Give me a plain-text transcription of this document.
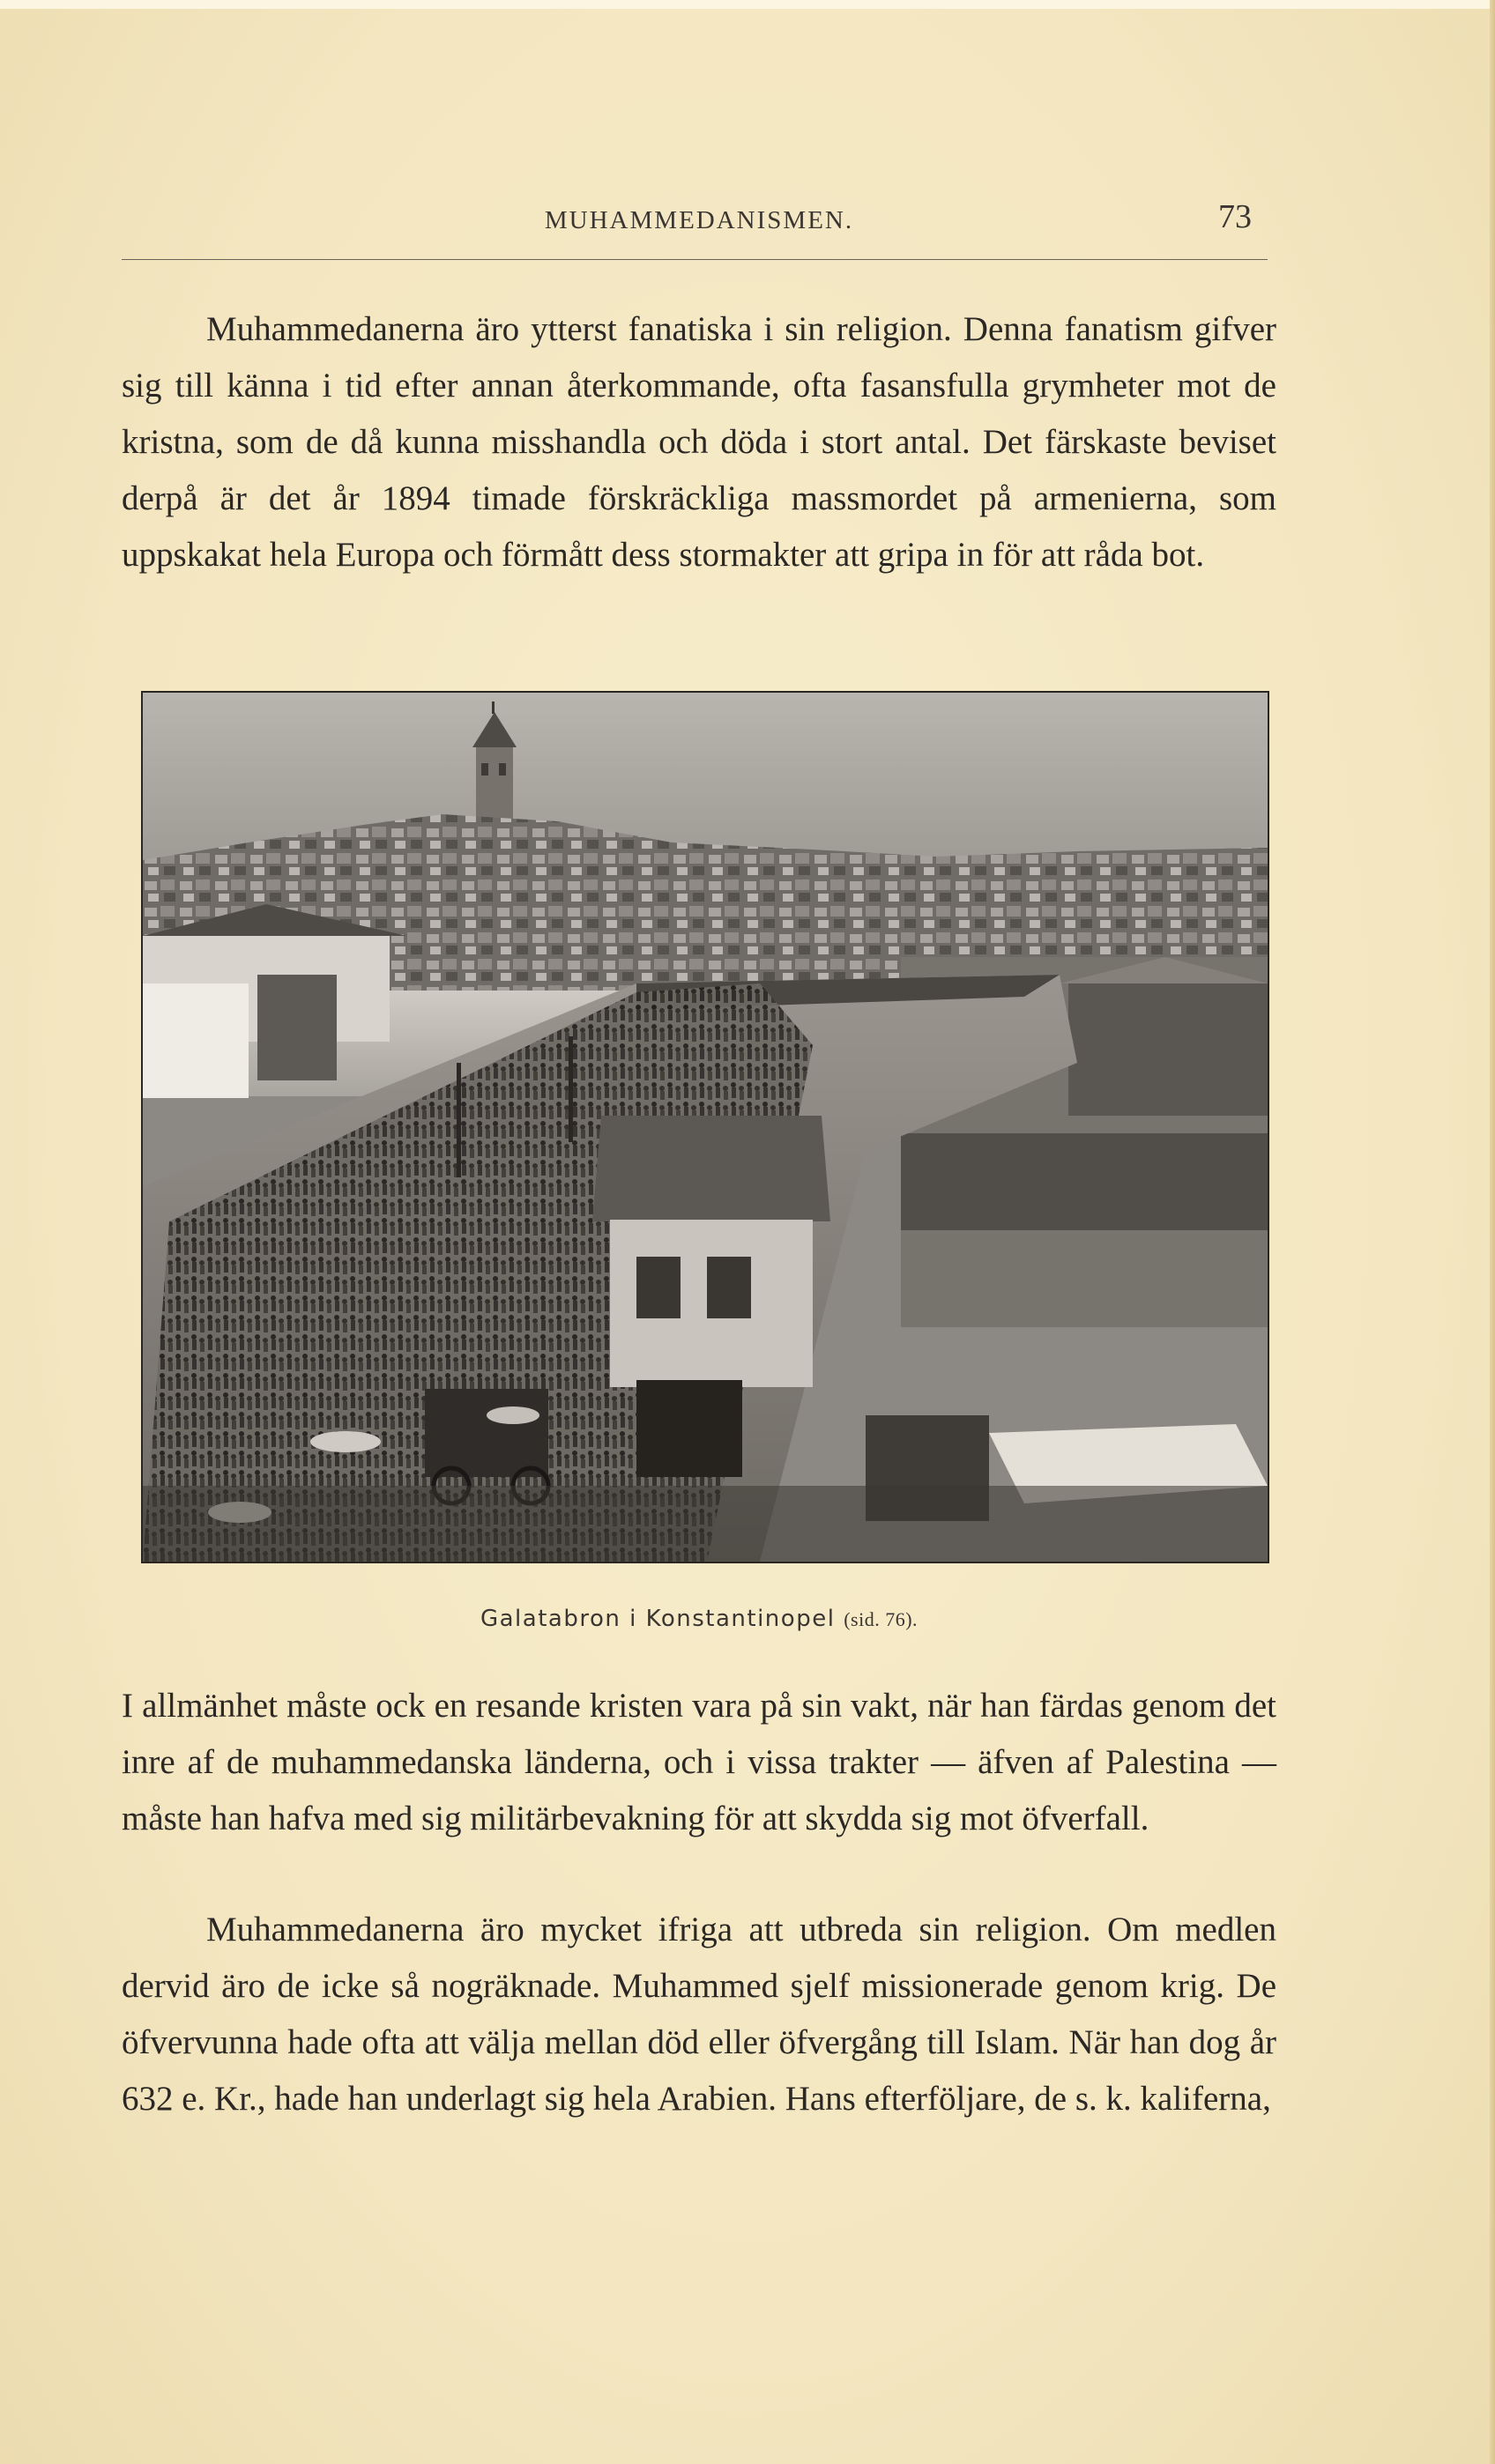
MUHAMMEDANISMEN.	73

Muhammedanerna äro ytterst fanatiska i sin religion. Denna fanatism gifver sig till känna i tid efter annan återkommande, ofta fasansfulla grymheter mot de kristna, som de då kunna misshandla och döda i stort antal. Det färskaste beviset derpå är det år 1894 timade förskräckliga massmordet på armenierna, som uppskakat hela Europa och förmått dess stormakter att gripa in för att råda bot.

Galatabron i Konstantinopel (sid. 76).

I allmänhet måste ock en resande kristen vara på sin vakt, när han färdas genom det inre af de muhammedanska länderna, och i vissa trakter — äfven af Palestina — måste han hafva med sig militärbevakning för att skydda sig mot öfverfall.

Muhammedanerna äro mycket ifriga att utbreda sin religion. Om medlen dervid äro de icke så nogräknade. Muhammed sjelf missionerade genom krig. De öfvervunna hade ofta att välja mellan död eller öfvergång till Islam. När han dog år 632 e. Kr., hade han underlagt sig hela Arabien. Hans efterföljare, de s. k. kaliferna,
